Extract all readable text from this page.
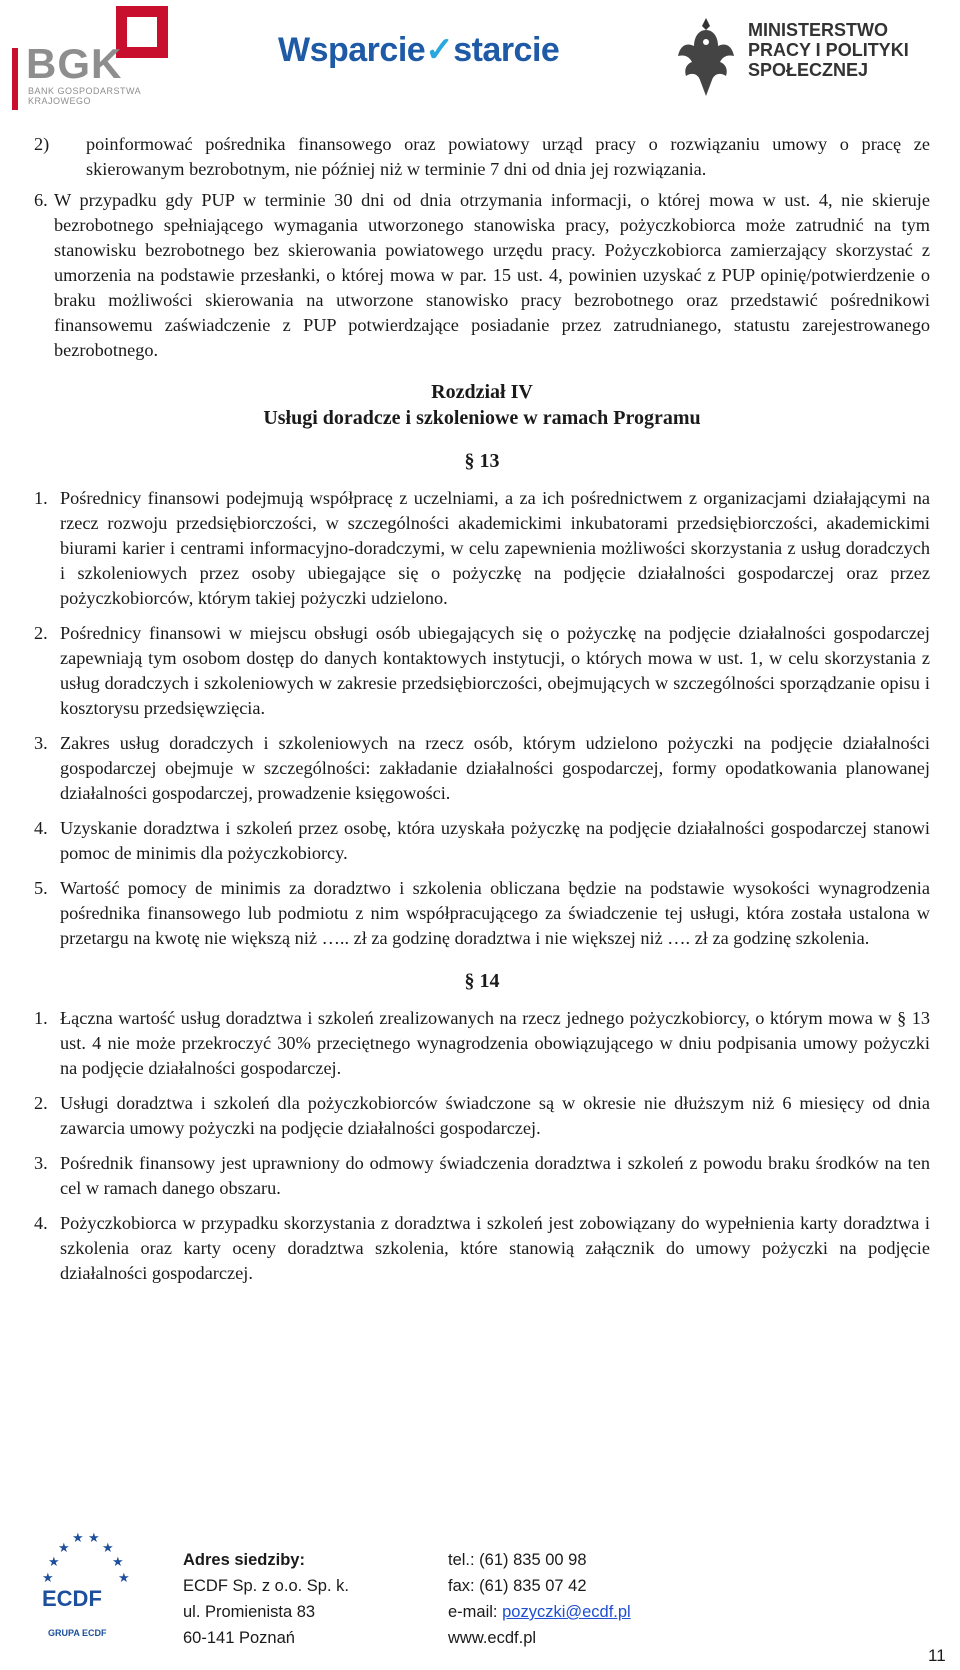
BGK
BANK GOSPODARSTWA
KRAJOWEGO
Wsparcie✓starcie
MINISTERSTWO
PRACY I POLITYKI
SPOŁECZNEJ
2)	poinformować pośrednika finansowego oraz powiatowy urząd pracy o rozwiązaniu umowy o pracę ze skierowanym bezrobotnym, nie później niż w terminie 7 dni od dnia jej rozwiązania.
6. W przypadku gdy PUP w terminie 30 dni od dnia otrzymania informacji, o której mowa w ust. 4, nie skieruje bezrobotnego spełniającego wymagania utworzonego stanowiska pracy, pożyczkobiorca może zatrudnić na tym stanowisku bezrobotnego bez skierowania powiatowego urzędu pracy. Pożyczkobiorca zamierzający skorzystać z umorzenia na podstawie przesłanki, o której mowa w par. 15 ust. 4, powinien uzyskać z PUP opinię/potwierdzenie o braku możliwości skierowania na utworzone stanowisko pracy bezrobotnego oraz przedstawić pośrednikowi finansowemu zaświadczenie z PUP potwierdzające posiadanie przez zatrudnianego, statustu zarejestrowanego bezrobotnego.
Rozdział IV
Usługi doradcze i szkoleniowe w ramach Programu
§ 13
1. Pośrednicy finansowi podejmują współpracę z uczelniami, a za ich pośrednictwem z organizacjami działającymi na rzecz rozwoju przedsiębiorczości, w szczególności akademickimi inkubatorami przedsiębiorczości, akademickimi biurami karier i centrami informacyjno-doradczymi, w celu zapewnienia możliwości skorzystania z usług doradczych i szkoleniowych przez osoby ubiegające się o pożyczkę na podjęcie działalności gospodarczej oraz przez pożyczkobiorców, którym takiej pożyczki udzielono.
2. Pośrednicy finansowi w miejscu obsługi osób ubiegających się o pożyczkę na podjęcie działalności gospodarczej zapewniają tym osobom dostęp do danych kontaktowych instytucji, o których mowa w ust. 1, w celu skorzystania z usług doradczych i szkoleniowych w zakresie przedsiębiorczości, obejmujących w szczególności sporządzanie opisu i kosztorysu przedsięwzięcia.
3. Zakres usług doradczych i szkoleniowych na rzecz osób, którym udzielono pożyczki na podjęcie działalności gospodarczej obejmuje w szczególności: zakładanie działalności gospodarczej, formy opodatkowania planowanej działalności gospodarczej, prowadzenie księgowości.
4. Uzyskanie doradztwa i szkoleń przez osobę, która uzyskała pożyczkę na podjęcie działalności gospodarczej stanowi pomoc de minimis dla pożyczkobiorcy.
5. Wartość pomocy de minimis za doradztwo i szkolenia obliczana będzie na podstawie wysokości wynagrodzenia pośrednika finansowego lub podmiotu z nim współpracującego za świadczenie tej usługi, która została ustalona w przetargu na kwotę nie większą niż ….. zł za godzinę doradztwa i nie większej niż …. zł za godzinę szkolenia.
§ 14
1. Łączna wartość usług doradztwa i szkoleń zrealizowanych na rzecz jednego pożyczkobiorcy, o którym mowa w § 13 ust. 4 nie może przekroczyć 30% przeciętnego wynagrodzenia obowiązującego w dniu podpisania umowy pożyczki na podjęcie działalności gospodarczej.
2. Usługi doradztwa i szkoleń dla pożyczkobiorców świadczone są w okresie nie dłuższym niż 6 miesięcy od dnia zawarcia umowy pożyczki na podjęcie działalności gospodarczej.
3. Pośrednik finansowy jest uprawniony do odmowy świadczenia doradztwa i szkoleń z powodu braku środków na ten cel w ramach danego obszaru.
4. Pożyczkobiorca w przypadku skorzystania z doradztwa i szkoleń jest zobowiązany do wypełnienia karty doradztwa i szkolenia oraz karty oceny doradztwa szkolenia, które stanowią załącznik do umowy pożyczki na podjęcie działalności gospodarczej.
★ ★
★ ★
★	★
★	★
ECDF
GRUPA ECDF
Adres siedziby:
ECDF Sp. z o.o. Sp. k.
ul. Promienista 83
60-141 Poznań
tel.: (61) 835 00 98
fax: (61) 835 07 42
e-mail: pozyczki@ecdf.pl
www.ecdf.pl
11
